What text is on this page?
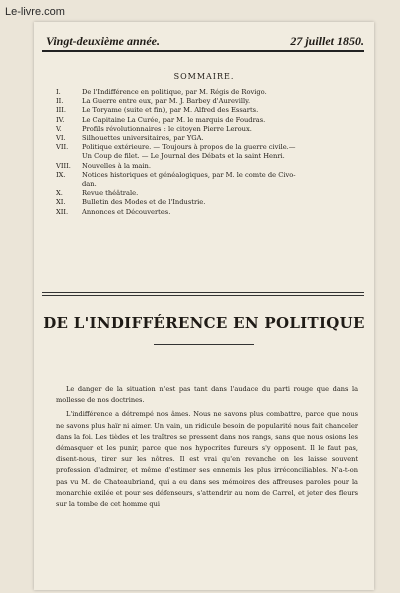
Le-livre.com
Vingt-deuxième année.	27 juillet 1850.
SOMMAIRE.
I.	De l'Indifférence en politique, par M. Régis de Rovigo.
II.	La Guerre entre eux, par M. J. Barbey d'Aurevilly.
III.	Le Toryame (suite et fin), par M. Alfred des Essarts.
IV.	Le Capitaine La Curée, par M. le marquis de Foudras.
V.	Profils révolutionnaires : le citoyen Pierre Leroux.
VI.	Silhouettes universitaires, par YGA.
VII.	Politique extérieure. — Toujours à propos de la guerre civile.—
Un Coup de filet. — Le Journal des Débats et la saint Henri.
VIII.	Nouvelles à la main.
IX.	Notices historiques et généalogiques, par M. le comte de Civo-
dan.
X.	Revue théâtrale.
XI.	Bulletin des Modes et de l'Industrie.
XII.	Annonces et Découvertes.
DE L'INDIFFÉRENCE EN POLITIQUE

Le danger de la situation n'est pas tant dans l'audace du parti rouge que dans la mollesse de nos doctrines.

L'indifférence a détrempé nos âmes. Nous ne savons plus combattre, parce que nous ne savons plus haïr ni aimer. Un vain, un ridicule besoin de popularité nous fait chanceler dans la foi. Les tièdes et les traîtres se pressent dans nos rangs, sans que nous osions les démasquer et les punir, parce que nos hypocrites fureurs s'y opposent. Il le faut pas, disent-nous, tirer sur les nôtres. Il est vrai qu'en revanche on les laisse souvent profession d'admirer, et même d'estimer ses ennemis les plus irréconciliables. N'a-t-on pas vu M. de Chateaubriand, qui a eu dans ses mémoires des affreuses paroles pour la monarchie exilée et pour ses défenseurs, s'attendrir au nom de Carrel, et jeter des fleurs sur la tombe de cet homme qui
